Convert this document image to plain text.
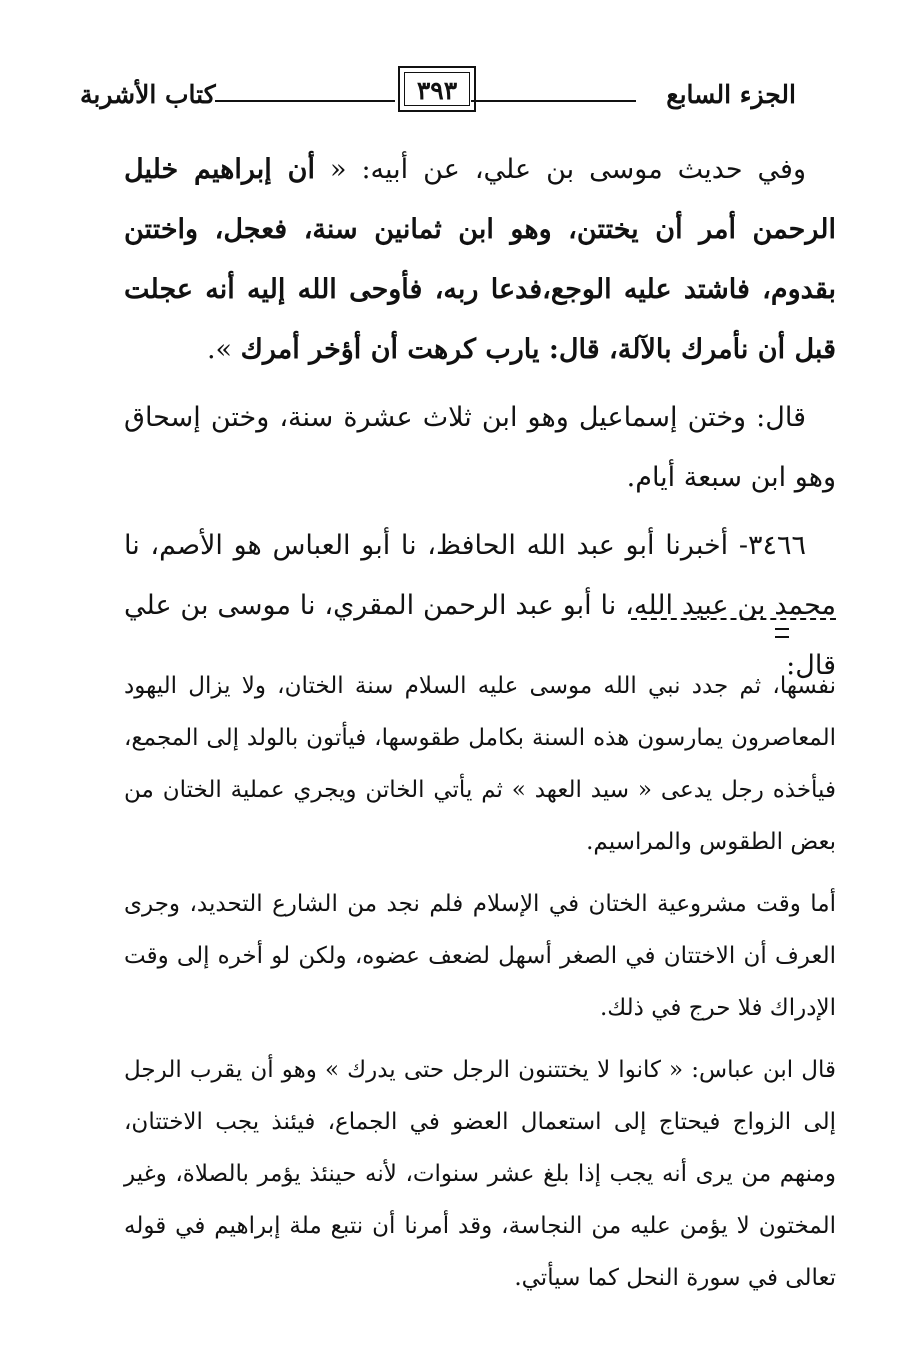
الجزء السابع
٣٩٣
كتاب الأشربة

وفي حديث موسى بن علي، عن أبيه: « أن إبراهيم خليل الرحمن أمر أن يختتن، وهو ابن ثمانين سنة، فعجل، واختتن بقدوم، فاشتد عليه الوجع،فدعا ربه، فأوحى الله إليه أنه عجلت قبل أن نأمرك بالآلة، قال: يارب كرهت أن أؤخر أمرك ».

قال: وختن إسماعيل وهو ابن ثلاث عشرة سنة، وختن إسحاق وهو ابن سبعة أيام.

٣٤٦٦- أخبرنا أبو عبد الله الحافظ، نا أبو العباس هو الأصم، نا محمد بن عبيد الله، نا أبو عبد الرحمن المقري، نا موسى بن علي قال:

نفسها، ثم جدد نبي الله موسى عليه السلام سنة الختان، ولا يزال اليهود المعاصرون يمارسون هذه السنة بكامل طقوسها، فيأتون بالولد إلى المجمع، فيأخذه رجل يدعى « سيد العهد » ثم يأتي الخاتن ويجري عملية الختان من بعض الطقوس والمراسيم.

أما وقت مشروعية الختان في الإسلام فلم نجد من الشارع التحديد، وجرى العرف أن الاختتان في الصغر أسهل لضعف عضوه، ولكن لو أخره إلى وقت الإدراك فلا حرج في ذلك.

قال ابن عباس: « كانوا لا يختتنون الرجل حتى يدرك » وهو أن يقرب الرجل إلى الزواج فيحتاج إلى استعمال العضو في الجماع، فيئنذ يجب الاختتان، ومنهم من يرى أنه يجب إذا بلغ عشر سنوات، لأنه حينئذ يؤمر بالصلاة، وغير المختون لا يؤمن عليه من النجاسة، وقد أمرنا أن نتبع ملة إبراهيم في قوله تعالى في سورة النحل كما سيأتي.
